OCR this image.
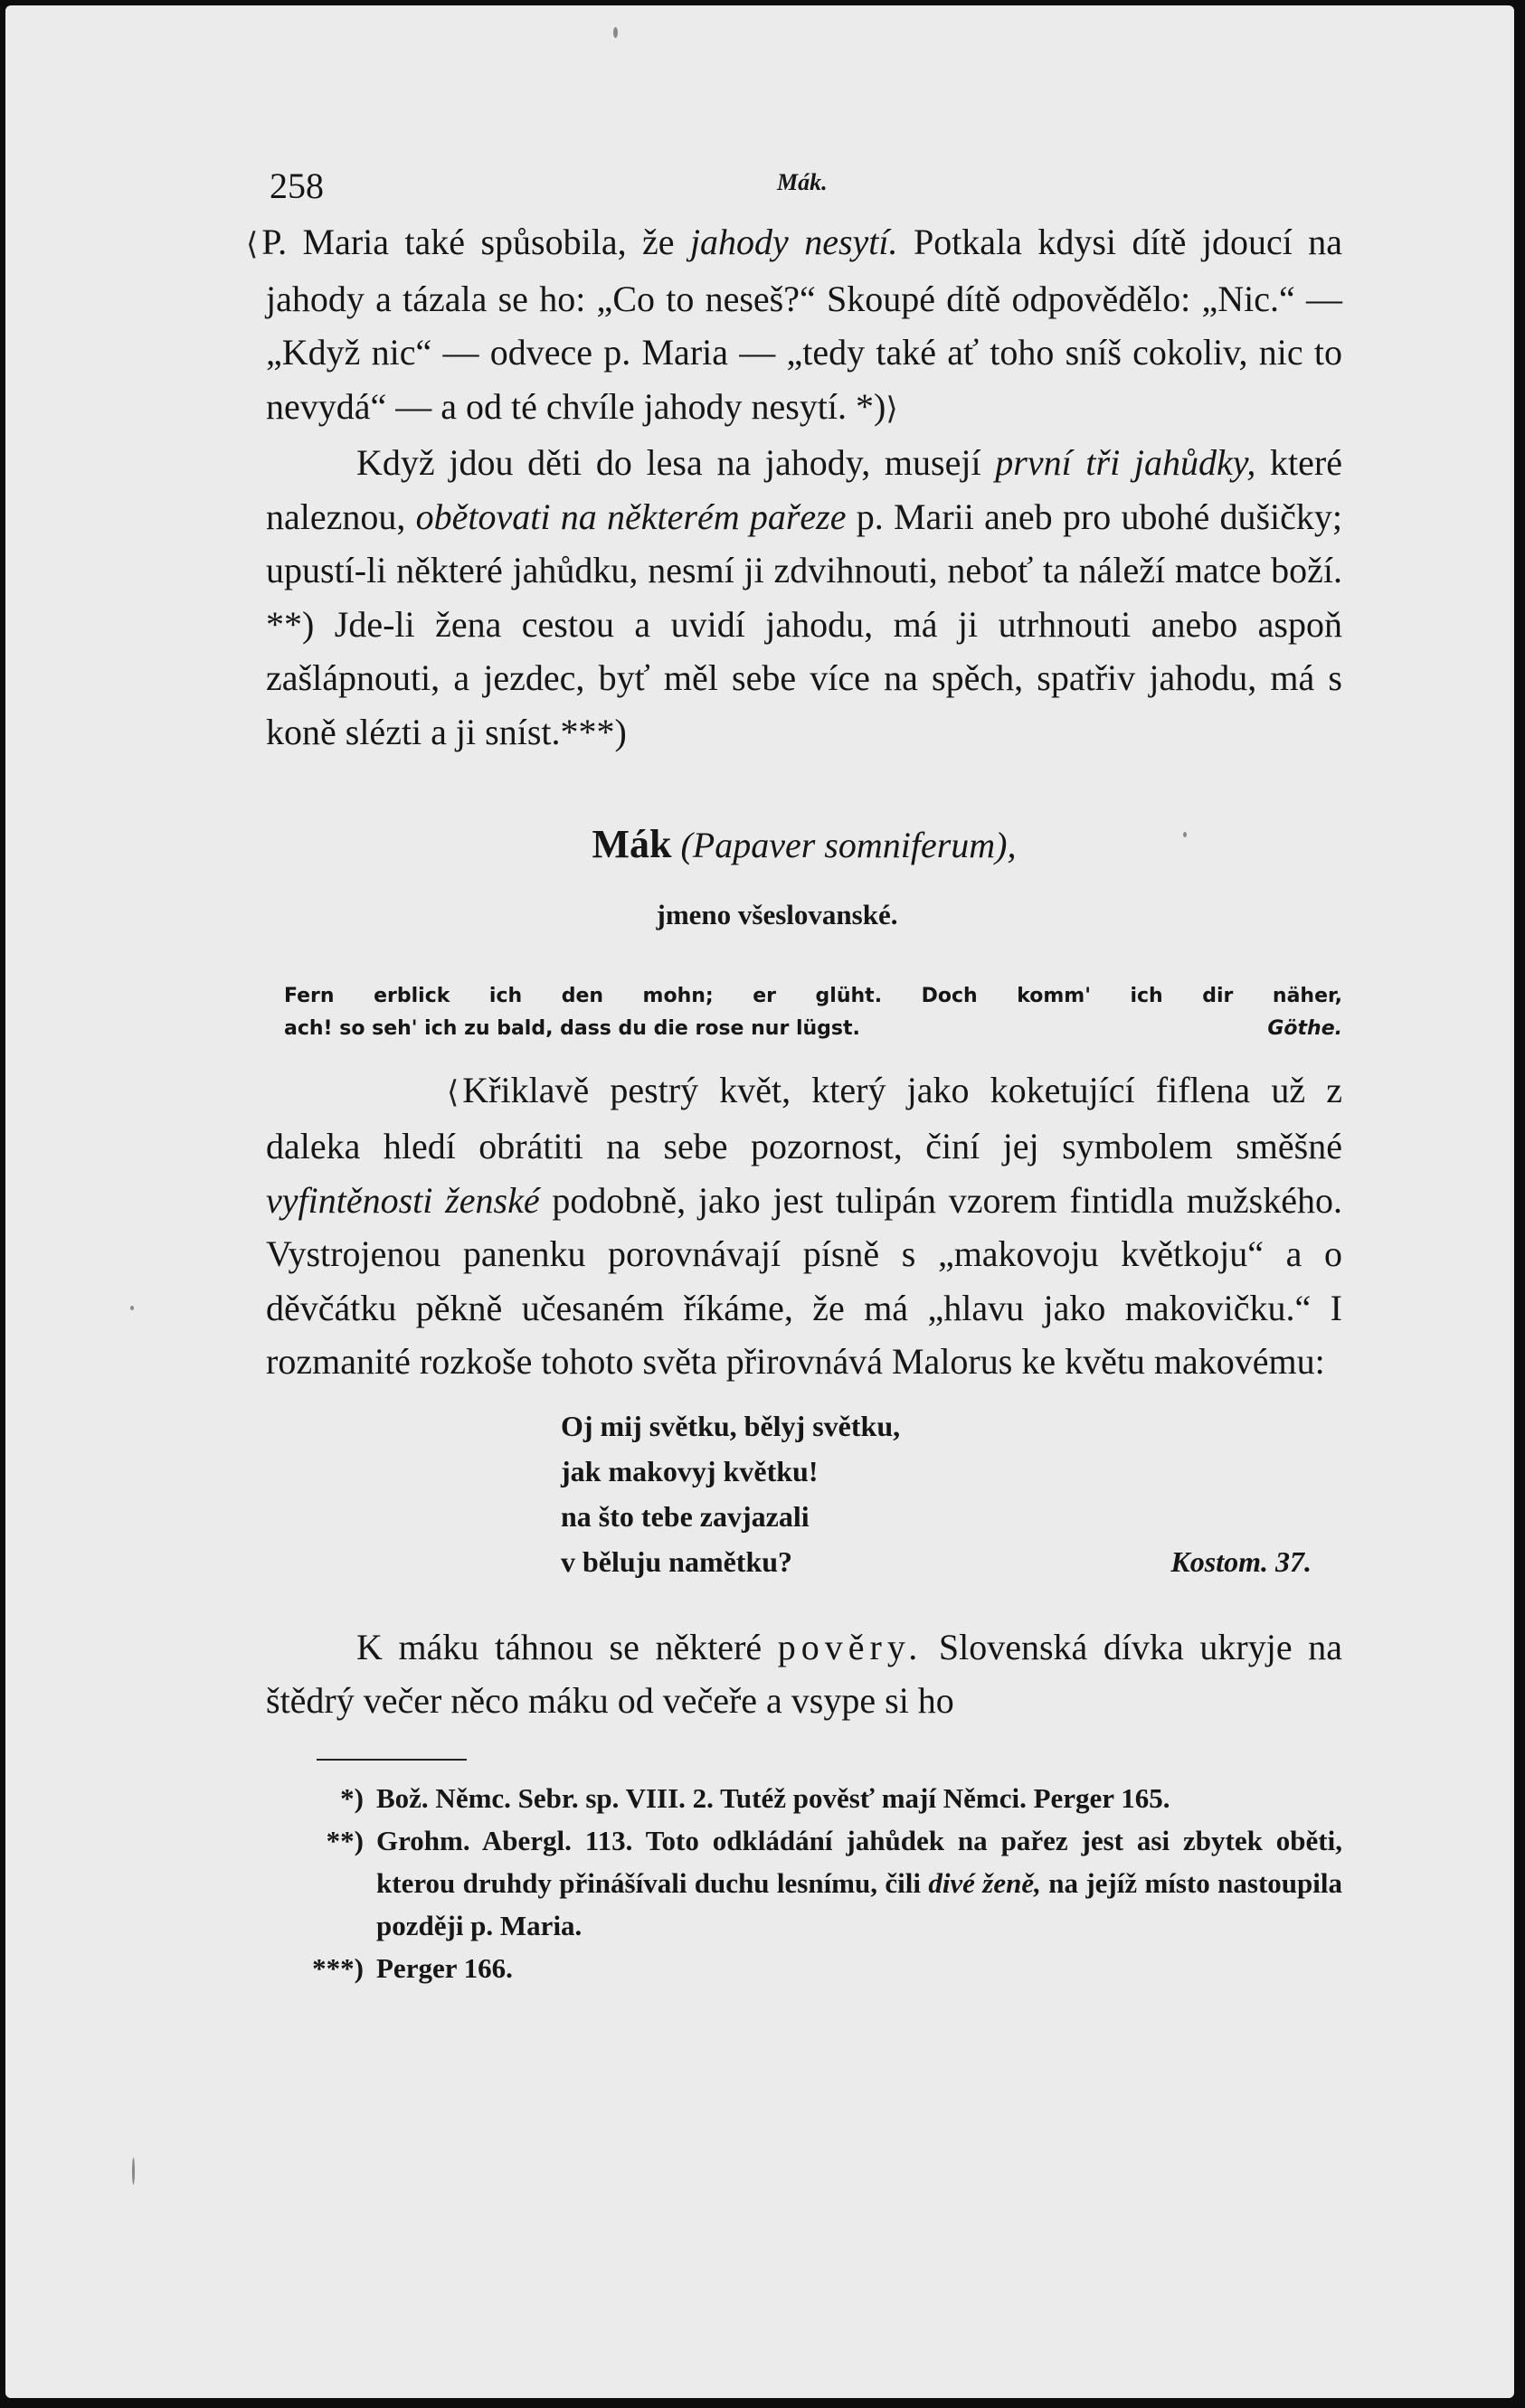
258	Mák.

⟨ P. Maria také spůsobila, že jahody nesytí. Potkala kdysi dítě jdoucí na jahody a tázala se ho: „Co to neseš?“ Skoupé dítě odpovědělo: „Nic.“ — „Když nic“ — odvece p. Maria — „tedy také ať toho sníš cokoliv, nic to nevydá“ — a od té chvíle jahody nesytí. *)⟩

Když jdou děti do lesa na jahody, musejí první tři jahůdky, které naleznou, obětovati na některém pařeze p. Marii aneb pro ubohé dušičky; upustí-li některé jahůdku, nesmí ji zdvihnouti, neboť ta náleží matce boží. **) Jde-li žena cestou a uvidí jahodu, má ji utrhnouti anebo aspoň zašlápnouti, a jezdec, byť měl sebe více na spěch, spatřiv jahodu, má s koně slézti a ji sníst.***)

Mák (Papaver somniferum),
jmeno všeslovanské.
Fern erblick ich den mohn; er glüht. Doch komm' ich dir näher,
ach! so seh' ich zu bald, dass du die rose nur lügst.	Göthe.

⟨ Křiklavě pestrý květ, který jako koketující fiflena už z daleka hledí obrátiti na sebe pozornost, činí jej symbolem směšné vyfintěnosti ženské podobně, jako jest tulipán vzorem fintidla mužského. Vystrojenou panenku porovnávají písně s „makovoju květkoju“ a o děvčátku pěkně učesaném říkáme, že má „hlavu jako makovičku.“ I rozmanité rozkoše tohoto světa přirovnává Malorus ke květu makovému:

Oj mij světku, bělyj světku,
jak makovyj květku!
na što tebe zavjazali
v běluju namětku?	Kostom. 37.

K máku táhnou se některé pověry. Slovenská dívka ukryje na štědrý večer něco máku od večeře a vsype si ho

*) Bož. Němc. Sebr. sp. VIII. 2. Tutéž pověsť mají Němci. Perger 165.
**) Grohm. Abergl. 113. Toto odkládání jahůdek na pařez jest asi zbytek oběti, kterou druhdy přinášívali duchu lesnímu, čili divé ženě, na jejíž místo nastoupila později p. Maria.
***) Perger 166.
